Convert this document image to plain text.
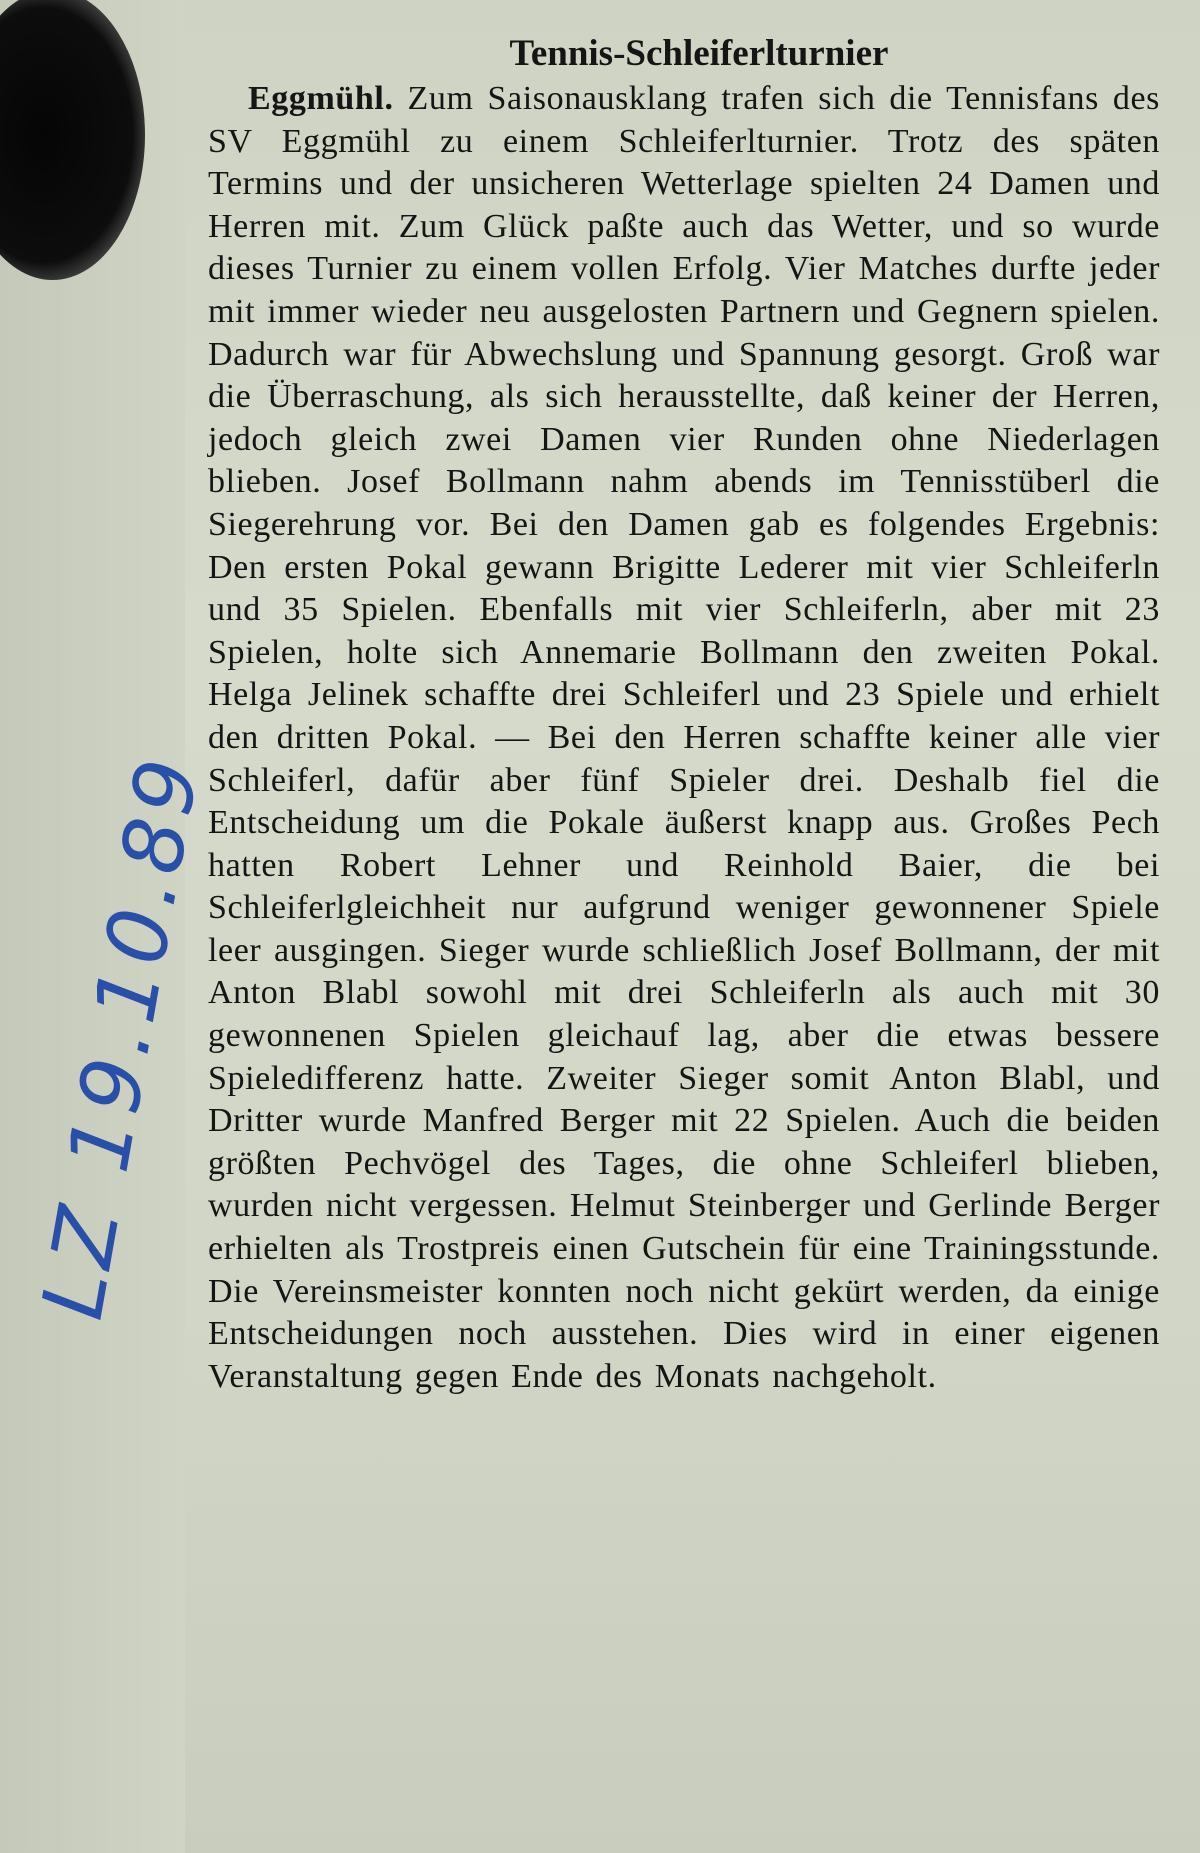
LZ 19.10.89
Tennis-Schleiferlturnier

Eggmühl. Zum Saisonausklang trafen sich die Tennisfans des SV Eggmühl zu einem Schleiferlturnier. Trotz des späten Termins und der unsicheren Wetterlage spielten 24 Damen und Herren mit. Zum Glück paßte auch das Wetter, und so wurde dieses Turnier zu einem vollen Erfolg. Vier Matches durfte jeder mit immer wieder neu ausgelosten Partnern und Gegnern spielen. Dadurch war für Abwechslung und Spannung gesorgt. Groß war die Überraschung, als sich herausstellte, daß keiner der Herren, jedoch gleich zwei Damen vier Runden ohne Niederlagen blieben. Josef Bollmann nahm abends im Tennisstüberl die Siegerehrung vor. Bei den Damen gab es folgendes Ergebnis: Den ersten Pokal gewann Brigitte Lederer mit vier Schleiferln und 35 Spielen. Ebenfalls mit vier Schleiferln, aber mit 23 Spielen, holte sich Annemarie Bollmann den zweiten Pokal. Helga Jelinek schaffte drei Schleiferl und 23 Spiele und erhielt den dritten Pokal. — Bei den Herren schaffte keiner alle vier Schleiferl, dafür aber fünf Spieler drei. Deshalb fiel die Entscheidung um die Pokale äußerst knapp aus. Großes Pech hatten Robert Lehner und Reinhold Baier, die bei Schleiferlgleichheit nur aufgrund weniger gewonnener Spiele leer ausgingen. Sieger wurde schließlich Josef Bollmann, der mit Anton Blabl sowohl mit drei Schleiferln als auch mit 30 gewonnenen Spielen gleichauf lag, aber die etwas bessere Spieledifferenz hatte. Zweiter Sieger somit Anton Blabl, und Dritter wurde Manfred Berger mit 22 Spielen. Auch die beiden größten Pechvögel des Tages, die ohne Schleiferl blieben, wurden nicht vergessen. Helmut Steinberger und Gerlinde Berger erhielten als Trostpreis einen Gutschein für eine Trainingsstunde. Die Vereinsmeister konnten noch nicht gekürt werden, da einige Entscheidungen noch ausstehen. Dies wird in einer eigenen Veranstaltung gegen Ende des Monats nachgeholt.
